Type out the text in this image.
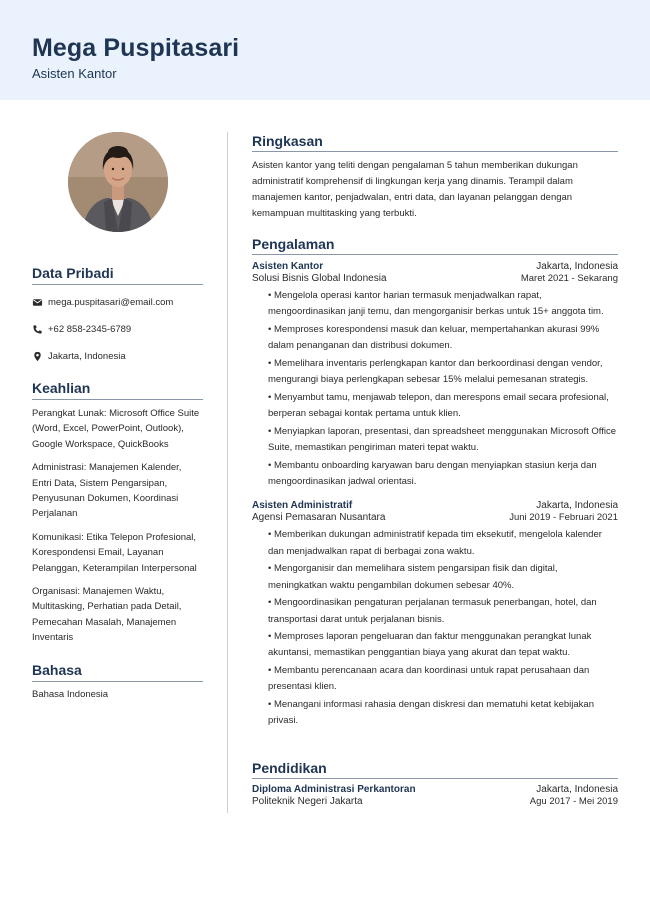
Mega Puspitasari

Asisten Kantor

Data Pribadi
mega.puspitasari@email.com
+62 858-2345-6789
Jakarta, Indonesia
Keahlian

Perangkat Lunak: Microsoft Office Suite (Word, Excel, PowerPoint, Outlook), Google Workspace, QuickBooks

Administrasi: Manajemen Kalender, Entri Data, Sistem Pengarsipan, Penyusunan Dokumen, Koordinasi Perjalanan

Komunikasi: Etika Telepon Profesional, Korespondensi Email, Layanan Pelanggan, Keterampilan Interpersonal

Organisasi: Manajemen Waktu, Multitasking, Perhatian pada Detail, Pemecahan Masalah, Manajemen Inventaris

Bahasa

Bahasa Indonesia

Ringkasan

Asisten kantor yang teliti dengan pengalaman 5 tahun memberikan dukungan administratif komprehensif di lingkungan kerja yang dinamis. Terampil dalam manajemen kantor, penjadwalan, entri data, dan layanan pelanggan dengan kemampuan multitasking yang terbukti.

Pengalaman
Asisten Kantor	Jakarta, Indonesia
Solusi Bisnis Global Indonesia	Maret 2021 - Sekarang
• Mengelola operasi kantor harian termasuk menjadwalkan rapat, mengoordinasikan janji temu, dan mengorganisir berkas untuk 15+ anggota tim.
• Memproses korespondensi masuk dan keluar, mempertahankan akurasi 99% dalam penanganan dan distribusi dokumen.
• Memelihara inventaris perlengkapan kantor dan berkoordinasi dengan vendor, mengurangi biaya perlengkapan sebesar 15% melalui pemesanan strategis.
• Menyambut tamu, menjawab telepon, dan merespons email secara profesional, berperan sebagai kontak pertama untuk klien.
• Menyiapkan laporan, presentasi, dan spreadsheet menggunakan Microsoft Office Suite, memastikan pengiriman materi tepat waktu.
• Membantu onboarding karyawan baru dengan menyiapkan stasiun kerja dan mengoordinasikan jadwal orientasi.
Asisten Administratif	Jakarta, Indonesia
Agensi Pemasaran Nusantara	Juni 2019 - Februari 2021
• Memberikan dukungan administratif kepada tim eksekutif, mengelola kalender dan menjadwalkan rapat di berbagai zona waktu.
• Mengorganisir dan memelihara sistem pengarsipan fisik dan digital, meningkatkan waktu pengambilan dokumen sebesar 40%.
• Mengoordinasikan pengaturan perjalanan termasuk penerbangan, hotel, dan transportasi darat untuk perjalanan bisnis.
• Memproses laporan pengeluaran dan faktur menggunakan perangkat lunak akuntansi, memastikan penggantian biaya yang akurat dan tepat waktu.
• Membantu perencanaan acara dan koordinasi untuk rapat perusahaan dan presentasi klien.
• Menangani informasi rahasia dengan diskresi dan mematuhi ketat kebijakan privasi.
Pendidikan
Diploma Administrasi Perkantoran	Jakarta, Indonesia
Politeknik Negeri Jakarta	Agu 2017 - Mei 2019
